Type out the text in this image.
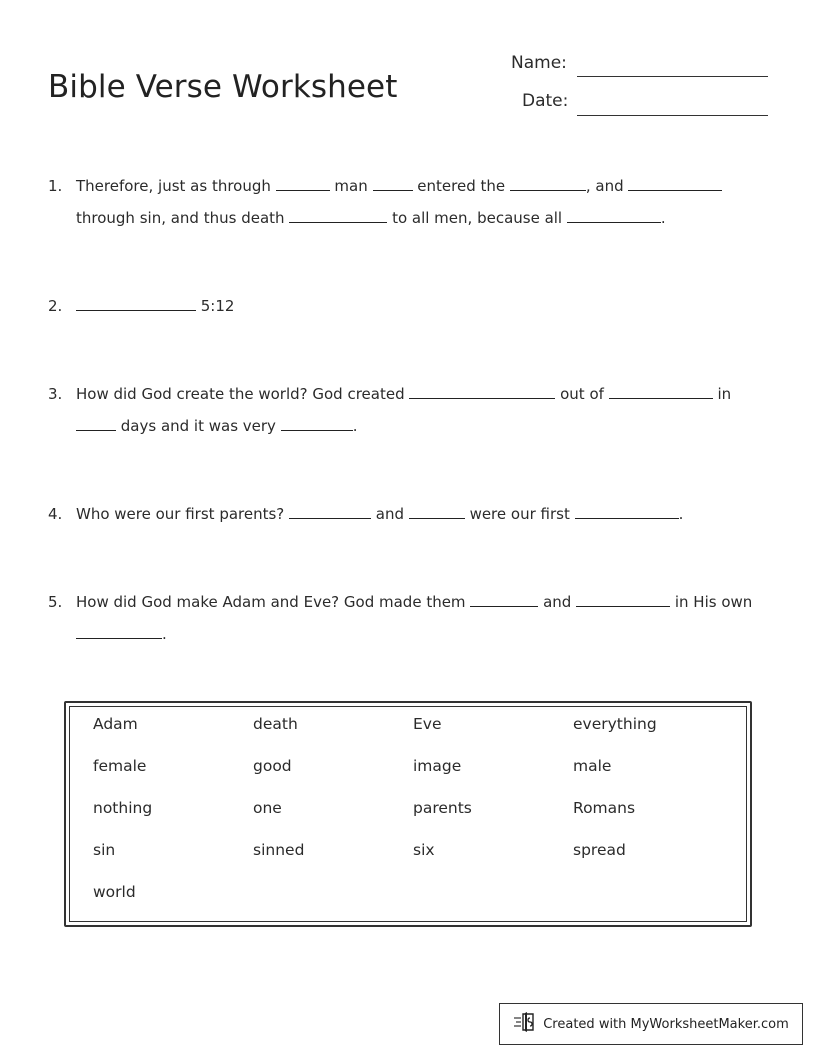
Bible Verse Worksheet
Name:
Date:
1. Therefore, just as through	man	entered the	, and  through sin, and thus death	to all men, because all	.
2.	5:12
3. How did God create the world? God created	out of	in  days and it was very	.
4. Who were our first parents?	and	were our first	.
5. How did God make Adam and Eve? God made them	and	in His own .
Adam	death	Eve	everything
female	good	image	male
nothing	one	parents	Romans
sin	sinned	six	spread
world
Created with MyWorksheetMaker.com
